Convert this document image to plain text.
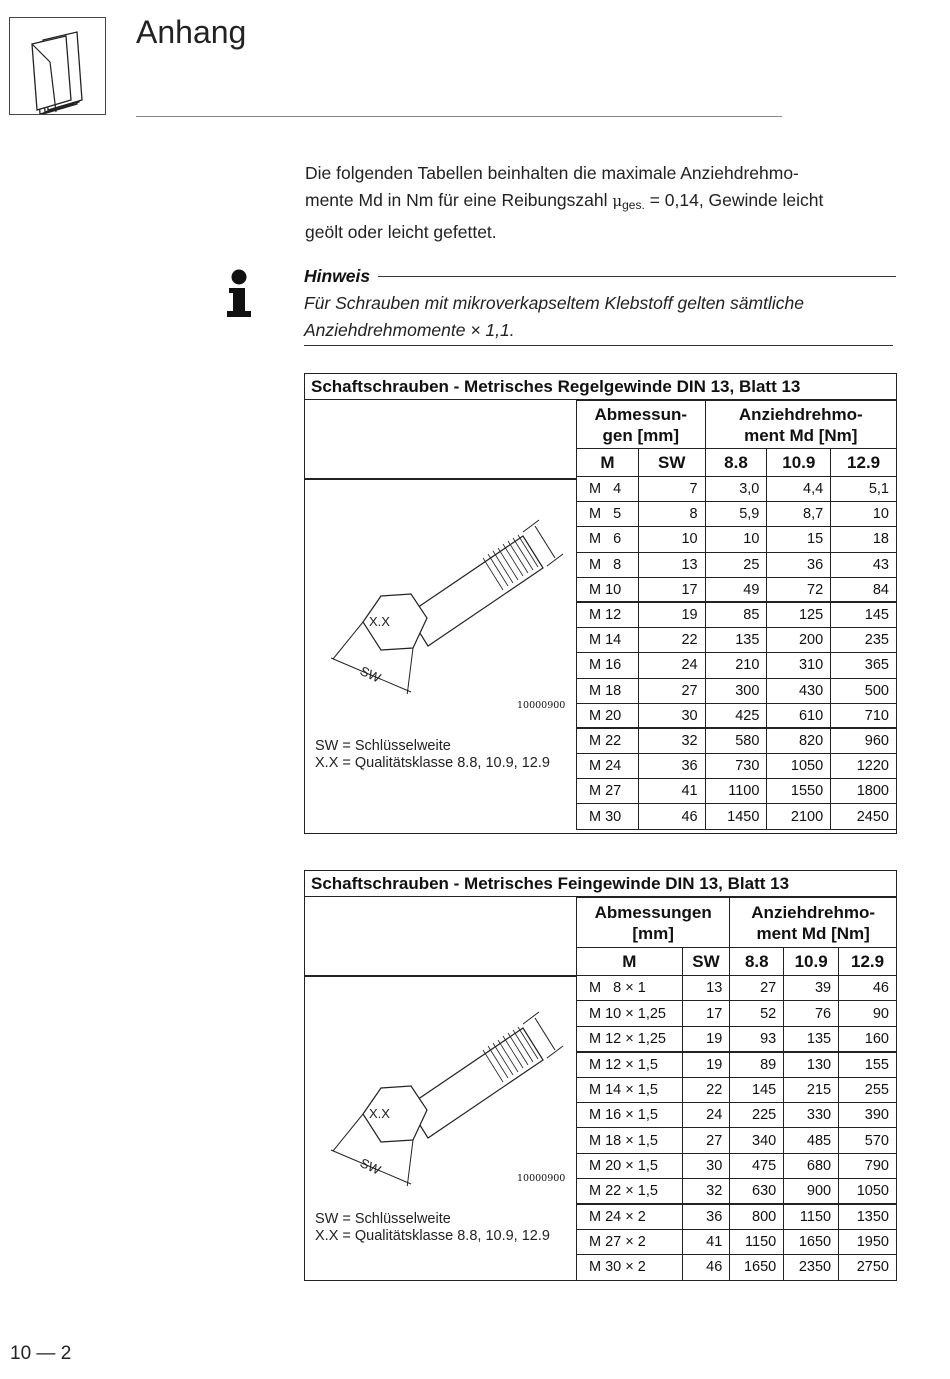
Anhang
Die folgenden Tabellen beinhalten die maximale Anziehdrehmo-
mente Md in Nm für eine Reibungszahl $\mu_{ges.} = 0,14$, Gewinde leicht
geölt oder leicht gefettet.
Hinweis
Für Schrauben mit mikroverkapseltem Klebstoff gelten sämtliche
Anziehdrehmomente × 1,1.
Schaftschrauben - Metrisches Regelgewinde DIN 13, Blatt 13
Abmessun-gen [mm]		Anziehdrehmo-ment Md [Nm]		
M	SW	8.8	10.9	12.9
M   4	7	3,0	4,4	5,1
M   5	8	5,9	8,7	10
M   6	10	10	15	18
M   8	13	25	36	43
M 10	17	49	72	84
M 12	19	85	125	145
M 14	22	135	200	235
M 16	24	210	310	365
M 18	27	300	430	500
M 20	30	425	610	710
M 22	32	580	820	960
M 24	36	730	1050	1220
M 27	41	1100	1550	1800
M 30	46	1450	2100	2450
X.X
SW
10000900
SW = Schlüsselweite
X.X = Qualitätsklasse 8.8, 10.9, 12.9
Schaftschrauben - Metrisches Feingewinde DIN 13, Blatt 13
Abmessungen [mm]		Anziehdrehmo-ment Md [Nm]		
M	SW	8.8	10.9	12.9
M   8 × 1	13	27	39	46
M 10 × 1,25	17	52	76	90
M 12 × 1,25	19	93	135	160
M 12 × 1,5	19	89	130	155
M 14 × 1,5	22	145	215	255
M 16 × 1,5	24	225	330	390
M 18 × 1,5	27	340	485	570
M 20 × 1,5	30	475	680	790
M 22 × 1,5	32	630	900	1050
M 24 × 2	36	800	1150	1350
M 27 × 2	41	1150	1650	1950
M 30 × 2	46	1650	2350	2750
X.X
SW
10000900
SW = Schlüsselweite
X.X = Qualitätsklasse 8.8, 10.9, 12.9
10 — 2
